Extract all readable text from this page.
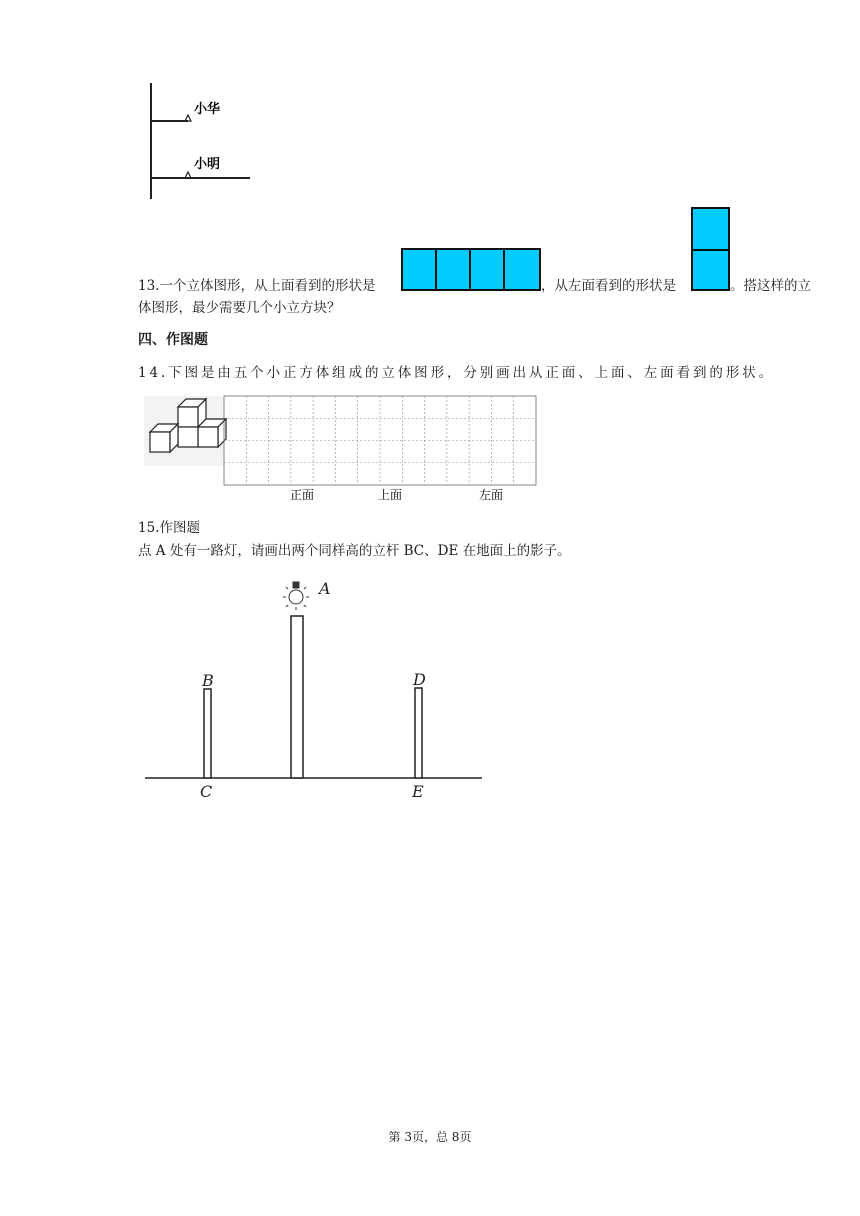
小华
小明
13.一个立体图形，从上面看到的形状是	，从左面看到的形状是	。搭这样的立
体图形，最少需要几个小立方块？
四、作图题
14.下图是由五个小正方体组成的立体图形，分别画出从正面、上面、左面看到的形状。
正面	上面	左面
15.作图题
点 A 处有一路灯，请画出两个同样高的立杆 BC、DE 在地面上的影子。
A
B
C
D
E
第 3页，总 8页
